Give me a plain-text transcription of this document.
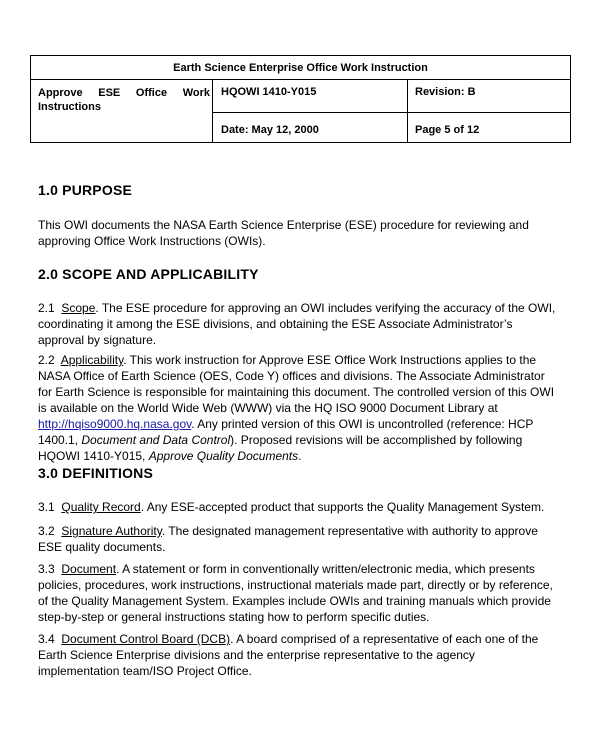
Earth Science Enterprise Office Work Instruction
Approve ESE Office Work Instructions
HQOWI 1410-Y015	Revision: B
Date: May 12, 2000	Page 5 of 12
1.0 PURPOSE
This OWI documents the NASA Earth Science Enterprise (ESE) procedure for reviewing and approving Office Work Instructions (OWIs).
2.0 SCOPE AND APPLICABILITY
2.1 Scope. The ESE procedure for approving an OWI includes verifying the accuracy of the OWI, coordinating it among the ESE divisions, and obtaining the ESE Associate Administrator’s approval by signature.
2.2 Applicability. This work instruction for Approve ESE Office Work Instructions applies to the NASA Office of Earth Science (OES, Code Y) offices and divisions. The Associate Administrator for Earth Science is responsible for maintaining this document. The controlled version of this OWI is available on the World Wide Web (WWW) via the HQ ISO 9000 Document Library at http://hqiso9000.hq.nasa.gov. Any printed version of this OWI is uncontrolled (reference: HCP 1400.1, Document and Data Control). Proposed revisions will be accomplished by following HQOWI 1410-Y015, Approve Quality Documents.
3.0 DEFINITIONS
3.1 Quality Record. Any ESE-accepted product that supports the Quality Management System.
3.2 Signature Authority. The designated management representative with authority to approve ESE quality documents.
3.3 Document. A statement or form in conventionally written/electronic media, which presents policies, procedures, work instructions, instructional materials made part, directly or by reference, of the Quality Management System. Examples include OWIs and training manuals which provide step-by-step or general instructions stating how to perform specific duties.
3.4 Document Control Board (DCB). A board comprised of a representative of each one of the Earth Science Enterprise divisions and the enterprise representative to the agency implementation team/ISO Project Office.
